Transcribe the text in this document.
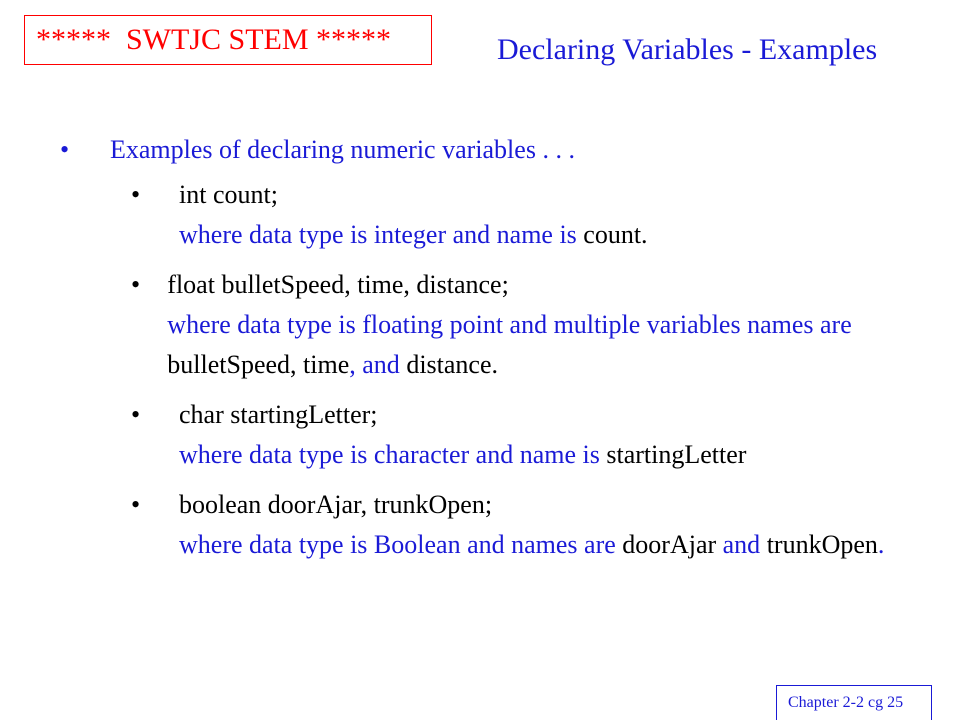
*****  SWTJC STEM *****	Declaring Variables - Examples
•	Examples of declaring numeric variables . . .
•	int count;
where data type is integer and name is count.
•	float bulletSpeed, time, distance;
where data type is floating point and multiple variables names are bulletSpeed, time, and distance.
•	char startingLetter;
where data type is character and name is startingLetter
•	boolean doorAjar, trunkOpen;
where data type is Boolean and names are doorAjar and trunkOpen.
Chapter 2-2 cg 25
